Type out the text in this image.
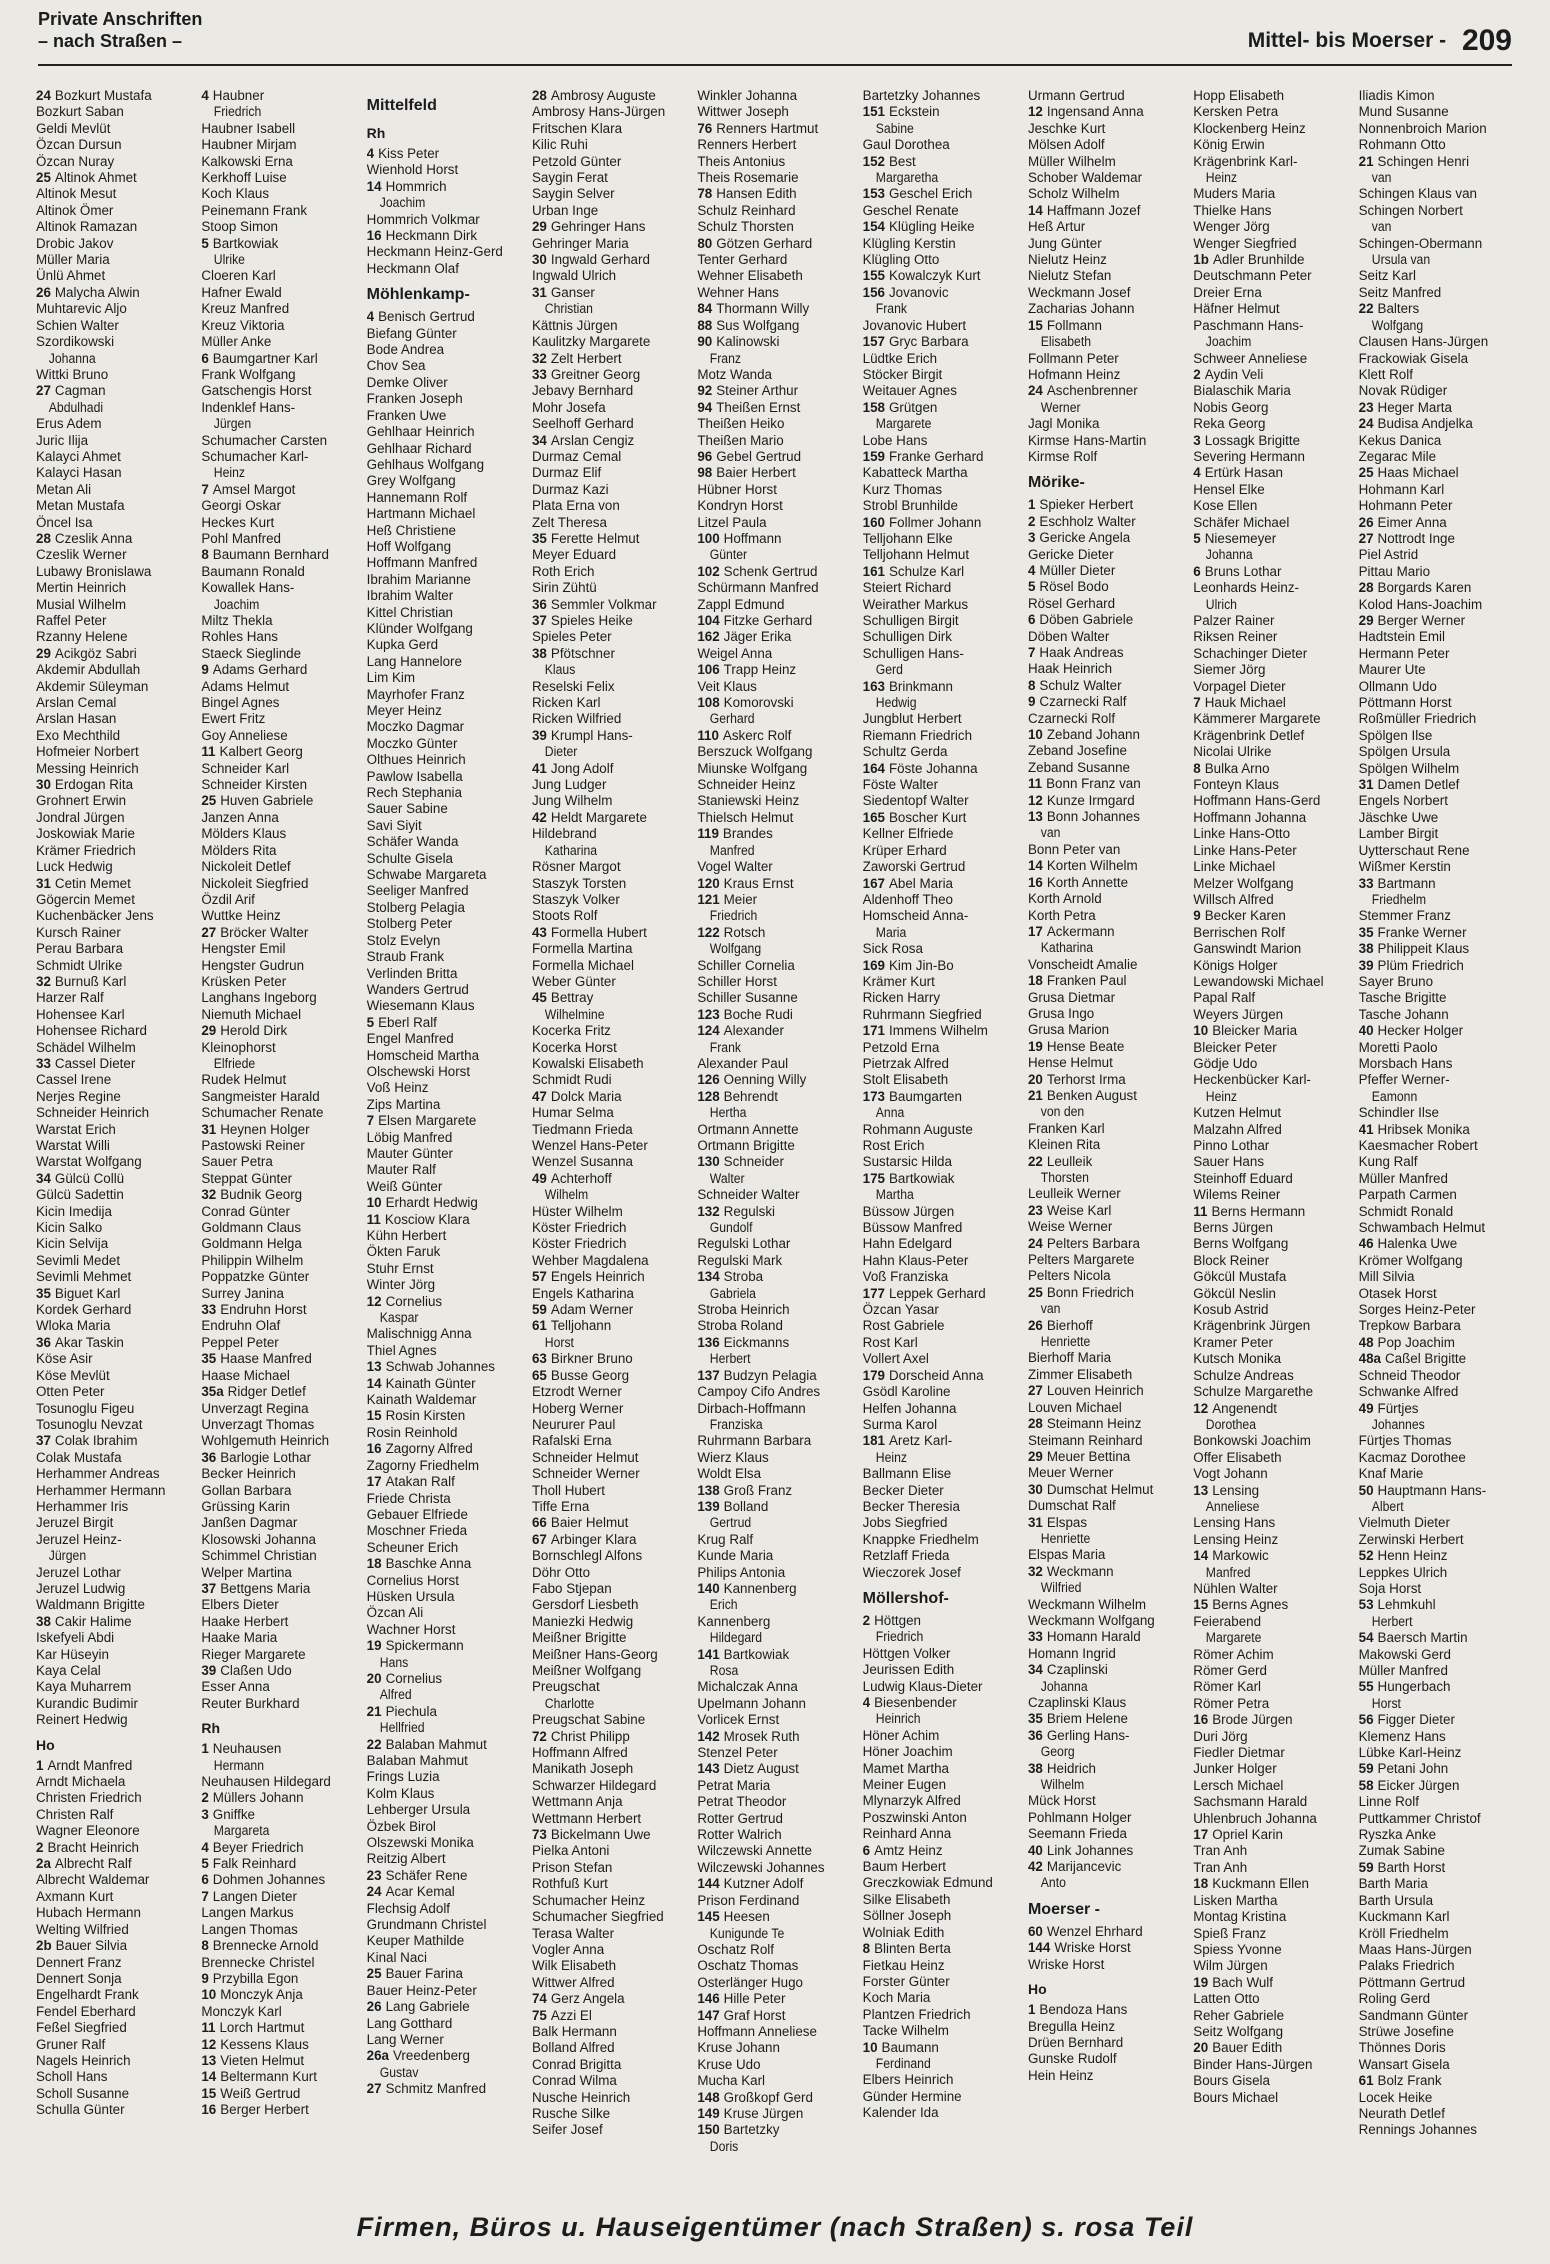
Private Anschriften
– nach Straßen –	Mittel- bis Moerser - 209
24 Bozkurt Mustafa
Bozkurt Saban
Geldi Mevlüt
Özcan Dursun
Özcan Nuray
25 Altinok Ahmet
Altinok Mesut
Altinok Ömer
Altinok Ramazan
Drobic Jakov
Müller Maria
Ünlü Ahmet
26 Malycha Alwin
Muhtarevic Aljo
Schien Walter
Szordikowski
Johanna
Wittki Bruno
27 Cagman
Abdulhadi
Erus Adem
Juric Ilija
Kalayci Ahmet
Kalayci Hasan
Metan Ali
Metan Mustafa
Öncel Isa
28 Czeslik Anna
Czeslik Werner
Lubawy Bronislawa
Mertin Heinrich
Musial Wilhelm
Raffel Peter
Rzanny Helene
29 Acikgöz Sabri
Akdemir Abdullah
Akdemir Süleyman
Arslan Cemal
Arslan Hasan
Exo Mechthild
Hofmeier Norbert
Messing Heinrich
30 Erdogan Rita
Grohnert Erwin
Jondral Jürgen
Joskowiak Marie
Krämer Friedrich
Luck Hedwig
31 Cetin Memet
Gögercin Memet
Kuchenbäcker Jens
Kursch Rainer
Perau Barbara
Schmidt Ulrike
32 Burnuß Karl
Harzer Ralf
Hohensee Karl
Hohensee Richard
Schädel Wilhelm
33 Cassel Dieter
Cassel Irene
Nerjes Regine
Schneider Heinrich
Warstat Erich
Warstat Willi
Warstat Wolfgang
34 Gülcü Collü
Gülcü Sadettin
Kicin Imedija
Kicin Salko
Kicin Selvija
Sevimli Medet
Sevimli Mehmet
35 Biguet Karl
Kordek Gerhard
Wloka Maria
36 Akar Taskin
Köse Asir
Köse Mevlüt
Otten Peter
Tosunoglu Figeu
Tosunoglu Nevzat
37 Colak Ibrahim
Colak Mustafa
Herhammer Andreas
Herhammer Hermann
Herhammer Iris
Jeruzel Birgit
Jeruzel Heinz-
Jürgen
Jeruzel Lothar
Jeruzel Ludwig
Waldmann Brigitte
38 Cakir Halime
Iskefyeli Abdi
Kar Hüseyin
Kaya Celal
Kaya Muharrem
Kurandic Budimir
Reinert Hedwig
Ho
1 Arndt Manfred
Arndt Michaela
Christen Friedrich
Christen Ralf
Wagner Eleonore
2 Bracht Heinrich
2a Albrecht Ralf
Albrecht Waldemar
Axmann Kurt
Hubach Hermann
Welting Wilfried
2b Bauer Silvia
Dennert Franz
Dennert Sonja
Engelhardt Frank
Fendel Eberhard
Feßel Siegfried
Gruner Ralf
Nagels Heinrich
Scholl Hans
Scholl Susanne
Schulla Günter
4 Haubner
Friedrich
Haubner Isabell
Haubner Mirjam
Kalkowski Erna
Kerkhoff Luise
Koch Klaus
Peinemann Frank
Stoop Simon
5 Bartkowiak
Ulrike
Cloeren Karl
Hafner Ewald
Kreuz Manfred
Kreuz Viktoria
Müller Anke
6 Baumgartner Karl
Frank Wolfgang
Gatschengis Horst
Indenklef Hans-
Jürgen
Schumacher Carsten
Schumacher Karl-
Heinz
7 Amsel Margot
Georgi Oskar
Heckes Kurt
Pohl Manfred
8 Baumann Bernhard
Baumann Ronald
Kowallek Hans-
Joachim
Miltz Thekla
Rohles Hans
Staeck Sieglinde
9 Adams Gerhard
Adams Helmut
Bingel Agnes
Ewert Fritz
Goy Anneliese
11 Kalbert Georg
Schneider Karl
Schneider Kirsten
25 Huven Gabriele
Janzen Anna
Mölders Klaus
Mölders Rita
Nickoleit Detlef
Nickoleit Siegfried
Özdil Arif
Wuttke Heinz
27 Bröcker Walter
Hengster Emil
Hengster Gudrun
Krüsken Peter
Langhans Ingeborg
Niemuth Michael
29 Herold Dirk
Kleinophorst
Elfriede
Rudek Helmut
Sangmeister Harald
Schumacher Renate
31 Heynen Holger
Pastowski Reiner
Sauer Petra
Steppat Günter
32 Budnik Georg
Conrad Günter
Goldmann Claus
Goldmann Helga
Philippin Wilhelm
Poppatzke Günter
Surrey Janina
33 Endruhn Horst
Endruhn Olaf
Peppel Peter
35 Haase Manfred
Haase Michael
35a Ridger Detlef
Unverzagt Regina
Unverzagt Thomas
Wohlgemuth Heinrich
36 Barlogie Lothar
Becker Heinrich
Gollan Barbara
Grüssing Karin
Janßen Dagmar
Klosowski Johanna
Schimmel Christian
Welper Martina
37 Bettgens Maria
Elbers Dieter
Haake Herbert
Haake Maria
Rieger Margarete
39 Claßen Udo
Esser Anna
Reuter Burkhard
Rh
1 Neuhausen
Hermann
Neuhausen Hildegard
2 Müllers Johann
3 Gniffke
Margareta
4 Beyer Friedrich
5 Falk Reinhard
6 Dohmen Johannes
7 Langen Dieter
Langen Markus
Langen Thomas
8 Brennecke Arnold
Brennecke Christel
9 Przybilla Egon
10 Monczyk Anja
Monczyk Karl
11 Lorch Hartmut
12 Kessens Klaus
13 Vieten Helmut
14 Beltermann Kurt
15 Weiß Gertrud
16 Berger Herbert
Mittelfeld
Rh
4 Kiss Peter
Wienhold Horst
14 Hommrich
Joachim
Hommrich Volkmar
16 Heckmann Dirk
Heckmann Heinz-Gerd
Heckmann Olaf
Möhlenkamp-
4 Benisch Gertrud
Biefang Günter
Bode Andrea
Chov Sea
Demke Oliver
Franken Joseph
Franken Uwe
Gehlhaar Heinrich
Gehlhaar Richard
Gehlhaus Wolfgang
Grey Wolfgang
Hannemann Rolf
Hartmann Michael
Heß Christiene
Hoff Wolfgang
Hoffmann Manfred
Ibrahim Marianne
Ibrahim Walter
Kittel Christian
Klünder Wolfgang
Kupka Gerd
Lang Hannelore
Lim Kim
Mayrhofer Franz
Meyer Heinz
Moczko Dagmar
Moczko Günter
Olthues Heinrich
Pawlow Isabella
Rech Stephania
Sauer Sabine
Savi Siyit
Schäfer Wanda
Schulte Gisela
Schwabe Margareta
Seeliger Manfred
Stolberg Pelagia
Stolberg Peter
Stolz Evelyn
Straub Frank
Verlinden Britta
Wanders Gertrud
Wiesemann Klaus
5 Eberl Ralf
Engel Manfred
Homscheid Martha
Olschewski Horst
Voß Heinz
Zips Martina
7 Elsen Margarete
Löbig Manfred
Mauter Günter
Mauter Ralf
Weiß Günter
10 Erhardt Hedwig
11 Kosciow Klara
Kühn Herbert
Ökten Faruk
Stuhr Ernst
Winter Jörg
12 Cornelius
Kaspar
Malischnigg Anna
Thiel Agnes
13 Schwab Johannes
14 Kainath Günter
Kainath Waldemar
15 Rosin Kirsten
Rosin Reinhold
16 Zagorny Alfred
Zagorny Friedhelm
17 Atakan Ralf
Friede Christa
Gebauer Elfriede
Moschner Frieda
Scheuner Erich
18 Baschke Anna
Cornelius Horst
Hüsken Ursula
Özcan Ali
Wachner Horst
19 Spickermann
Hans
20 Cornelius
Alfred
21 Piechula
Hellfried
22 Balaban Mahmut
Balaban Mahmut
Frings Luzia
Kolm Klaus
Lehberger Ursula
Özbek Birol
Olszewski Monika
Reitzig Albert
23 Schäfer Rene
24 Acar Kemal
Flechsig Adolf
Grundmann Christel
Keuper Mathilde
Kinal Naci
25 Bauer Farina
Bauer Heinz-Peter
26 Lang Gabriele
Lang Gotthard
Lang Werner
26a Vreedenberg
Gustav
27 Schmitz Manfred
28 Ambrosy Auguste
Ambrosy Hans-Jürgen
Fritschen Klara
Kilic Ruhi
Petzold Günter
Saygin Ferat
Saygin Selver
Urban Inge
29 Gehringer Hans
Gehringer Maria
30 Ingwald Gerhard
Ingwald Ulrich
31 Ganser
Christian
Kättnis Jürgen
Kaulitzky Margarete
32 Zelt Herbert
33 Greitner Georg
Jebavy Bernhard
Mohr Josefa
Seelhoff Gerhard
34 Arslan Cengiz
Durmaz Cemal
Durmaz Elif
Durmaz Kazi
Plata Erna von
Zelt Theresa
35 Ferette Helmut
Meyer Eduard
Roth Erich
Sirin Zühtü
36 Semmler Volkmar
37 Spieles Heike
Spieles Peter
38 Pfötschner
Klaus
Reselski Felix
Ricken Karl
Ricken Wilfried
39 Krumpl Hans-
Dieter
41 Jong Adolf
Jung Ludger
Jung Wilhelm
42 Heldt Margarete
Hildebrand
Katharina
Rösner Margot
Staszyk Torsten
Staszyk Volker
Stoots Rolf
43 Formella Hubert
Formella Martina
Formella Michael
Weber Günter
45 Bettray
Wilhelmine
Kocerka Fritz
Kocerka Horst
Kowalski Elisabeth
Schmidt Rudi
47 Dolck Maria
Humar Selma
Tiedmann Frieda
Wenzel Hans-Peter
Wenzel Susanna
49 Achterhoff
Wilhelm
Hüster Wilhelm
Köster Friedrich
Köster Friedrich
Wehber Magdalena
57 Engels Heinrich
Engels Katharina
59 Adam Werner
61 Telljohann
Horst
63 Birkner Bruno
65 Busse Georg
Etzrodt Werner
Hoberg Werner
Neururer Paul
Rafalski Erna
Schneider Helmut
Schneider Werner
Tholl Hubert
Tiffe Erna
66 Baier Helmut
67 Arbinger Klara
Bornschlegl Alfons
Döhr Otto
Fabo Stjepan
Gersdorf Liesbeth
Maniezki Hedwig
Meißner Brigitte
Meißner Hans-Georg
Meißner Wolfgang
Preugschat
Charlotte
Preugschat Sabine
72 Christ Philipp
Hoffmann Alfred
Manikath Joseph
Schwarzer Hildegard
Wettmann Anja
Wettmann Herbert
73 Bickelmann Uwe
Pielka Antoni
Prison Stefan
Rothfuß Kurt
Schumacher Heinz
Schumacher Siegfried
Terasa Walter
Vogler Anna
Wilk Elisabeth
Wittwer Alfred
74 Gerz Angela
75 Azzi El
Balk Hermann
Bolland Alfred
Conrad Brigitta
Conrad Wilma
Nusche Heinrich
Rusche Silke
Seifer Josef
Winkler Johanna
Wittwer Joseph
76 Renners Hartmut
Renners Herbert
Theis Antonius
Theis Rosemarie
78 Hansen Edith
Schulz Reinhard
Schulz Thorsten
80 Götzen Gerhard
Tenter Gerhard
Wehner Elisabeth
Wehner Hans
84 Thormann Willy
88 Sus Wolfgang
90 Kalinowski
Franz
Motz Wanda
92 Steiner Arthur
94 Theißen Ernst
Theißen Heiko
Theißen Mario
96 Gebel Gertrud
98 Baier Herbert
Hübner Horst
Kondryn Horst
Litzel Paula
100 Hoffmann
Günter
102 Schenk Gertrud
Schürmann Manfred
Zappl Edmund
104 Fitzke Gerhard
162 Jäger Erika
Weigel Anna
106 Trapp Heinz
Veit Klaus
108 Komorovski
Gerhard
110 Askerc Rolf
Berszuck Wolfgang
Miunske Wolfgang
Schneider Heinz
Staniewski Heinz
Thielsch Helmut
119 Brandes
Manfred
Vogel Walter
120 Kraus Ernst
121 Meier
Friedrich
122 Rotsch
Wolfgang
Schiller Cornelia
Schiller Horst
Schiller Susanne
123 Boche Rudi
124 Alexander
Frank
Alexander Paul
126 Oenning Willy
128 Behrendt
Hertha
Ortmann Annette
Ortmann Brigitte
130 Schneider
Walter
Schneider Walter
132 Regulski
Gundolf
Regulski Lothar
Regulski Mark
134 Stroba
Gabriela
Stroba Heinrich
Stroba Roland
136 Eickmanns
Herbert
137 Budzyn Pelagia
Campoy Cifo Andres
Dirbach-Hoffmann
Franziska
Ruhrmann Barbara
Wierz Klaus
Woldt Elsa
138 Groß Franz
139 Bolland
Gertrud
Krug Ralf
Kunde Maria
Philips Antonia
140 Kannenberg
Erich
Kannenberg
Hildegard
141 Bartkowiak
Rosa
Michalczak Anna
Upelmann Johann
Vorlicek Ernst
142 Mrosek Ruth
Stenzel Peter
143 Dietz August
Petrat Maria
Petrat Theodor
Rotter Gertrud
Rotter Walrich
Wilczewski Annette
Wilczewski Johannes
144 Kutzner Adolf
Prison Ferdinand
145 Heesen
Kunigunde Te
Oschatz Rolf
Oschatz Thomas
Osterlänger Hugo
146 Hille Peter
147 Graf Horst
Hoffmann Anneliese
Kruse Johann
Kruse Udo
Mucha Karl
148 Großkopf Gerd
149 Kruse Jürgen
150 Bartetzky
Doris
Bartetzky Johannes
151 Eckstein
Sabine
Gaul Dorothea
152 Best
Margaretha
153 Geschel Erich
Geschel Renate
154 Klügling Heike
Klügling Kerstin
Klügling Otto
155 Kowalczyk Kurt
156 Jovanovic
Frank
Jovanovic Hubert
157 Gryc Barbara
Lüdtke Erich
Stöcker Birgit
Weitauer Agnes
158 Grütgen
Margarete
Lobe Hans
159 Franke Gerhard
Kabatteck Martha
Kurz Thomas
Strobl Brunhilde
160 Follmer Johann
Telljohann Elke
Telljohann Helmut
161 Schulze Karl
Steiert Richard
Weirather Markus
Schulligen Birgit
Schulligen Dirk
Schulligen Hans-
Gerd
163 Brinkmann
Hedwig
Jungblut Herbert
Riemann Friedrich
Schultz Gerda
164 Föste Johanna
Föste Walter
Siedentopf Walter
165 Boscher Kurt
Kellner Elfriede
Krüper Erhard
Zaworski Gertrud
167 Abel Maria
Aldenhoff Theo
Homscheid Anna-
Maria
Sick Rosa
169 Kim Jin-Bo
Krämer Kurt
Ricken Harry
Ruhrmann Siegfried
171 Immens Wilhelm
Petzold Erna
Pietrzak Alfred
Stolt Elisabeth
173 Baumgarten
Anna
Rohmann Auguste
Rost Erich
Sustarsic Hilda
175 Bartkowiak
Martha
Büssow Jürgen
Büssow Manfred
Hahn Edelgard
Hahn Klaus-Peter
Voß Franziska
177 Leppek Gerhard
Özcan Yasar
Rost Gabriele
Rost Karl
Vollert Axel
179 Dorscheid Anna
Gsödl Karoline
Helfen Johanna
Surma Karol
181 Aretz Karl-
Heinz
Ballmann Elise
Becker Dieter
Becker Theresia
Jobs Siegfried
Knappke Friedhelm
Retzlaff Frieda
Wieczorek Josef
Möllershof-
2 Höttgen
Friedrich
Höttgen Volker
Jeurissen Edith
Ludwig Klaus-Dieter
4 Biesenbender
Heinrich
Höner Achim
Höner Joachim
Mamet Martha
Meiner Eugen
Mlynarzyk Alfred
Poszwinski Anton
Reinhard Anna
6 Amtz Heinz
Baum Herbert
Greczkowiak Edmund
Silke Elisabeth
Söllner Joseph
Wolniak Edith
8 Blinten Berta
Fietkau Heinz
Forster Günter
Koch Maria
Plantzen Friedrich
Tacke Wilhelm
10 Baumann
Ferdinand
Elbers Heinrich
Günder Hermine
Kalender Ida
Urmann Gertrud
12 Ingensand Anna
Jeschke Kurt
Mölsen Adolf
Müller Wilhelm
Schober Waldemar
Scholz Wilhelm
14 Haffmann Jozef
Heß Artur
Jung Günter
Nielutz Heinz
Nielutz Stefan
Weckmann Josef
Zacharias Johann
15 Follmann
Elisabeth
Follmann Peter
Hofmann Heinz
24 Aschenbrenner
Werner
Jagl Monika
Kirmse Hans-Martin
Kirmse Rolf
Mörike-
1 Spieker Herbert
2 Eschholz Walter
3 Gericke Angela
Gericke Dieter
4 Müller Dieter
5 Rösel Bodo
Rösel Gerhard
6 Döben Gabriele
Döben Walter
7 Haak Andreas
Haak Heinrich
8 Schulz Walter
9 Czarnecki Ralf
Czarnecki Rolf
10 Zeband Johann
Zeband Josefine
Zeband Susanne
11 Bonn Franz van
12 Kunze Irmgard
13 Bonn Johannes
van
Bonn Peter van
14 Korten Wilhelm
16 Korth Annette
Korth Arnold
Korth Petra
17 Ackermann
Katharina
Vonscheidt Amalie
18 Franken Paul
Grusa Dietmar
Grusa Ingo
Grusa Marion
19 Hense Beate
Hense Helmut
20 Terhorst Irma
21 Benken August
von den
Franken Karl
Kleinen Rita
22 Leulleik
Thorsten
Leulleik Werner
23 Weise Karl
Weise Werner
24 Pelters Barbara
Pelters Margarete
Pelters Nicola
25 Bonn Friedrich
van
26 Bierhoff
Henriette
Bierhoff Maria
Zimmer Elisabeth
27 Louven Heinrich
Louven Michael
28 Steimann Heinz
Steimann Reinhard
29 Meuer Bettina
Meuer Werner
30 Dumschat Helmut
Dumschat Ralf
31 Elspas
Henriette
Elspas Maria
32 Weckmann
Wilfried
Weckmann Wilhelm
Weckmann Wolfgang
33 Homann Harald
Homann Ingrid
34 Czaplinski
Johanna
Czaplinski Klaus
35 Briem Helene
36 Gerling Hans-
Georg
38 Heidrich
Wilhelm
Mück Horst
Pohlmann Holger
Seemann Frieda
40 Link Johannes
42 Marijancevic
Anto
Moerser -
60 Wenzel Ehrhard
144 Wriske Horst
Wriske Horst
Ho
1 Bendoza Hans
Bregulla Heinz
Drüen Bernhard
Gunske Rudolf
Hein Heinz
Hopp Elisabeth
Kersken Petra
Klockenberg Heinz
König Erwin
Krägenbrink Karl-
Heinz
Muders Maria
Thielke Hans
Wenger Jörg
Wenger Siegfried
1b Adler Brunhilde
Deutschmann Peter
Dreier Erna
Häfner Helmut
Paschmann Hans-
Joachim
Schweer Anneliese
2 Aydin Veli
Bialaschik Maria
Nobis Georg
Reka Georg
3 Lossagk Brigitte
Severing Hermann
4 Ertürk Hasan
Hensel Elke
Kose Ellen
Schäfer Michael
5 Niesemeyer
Johanna
6 Bruns Lothar
Leonhards Heinz-
Ulrich
Palzer Rainer
Riksen Reiner
Schachinger Dieter
Siemer Jörg
Vorpagel Dieter
7 Hauk Michael
Kämmerer Margarete
Krägenbrink Detlef
Nicolai Ulrike
8 Bulka Arno
Fonteyn Klaus
Hoffmann Hans-Gerd
Hoffmann Johanna
Linke Hans-Otto
Linke Hans-Peter
Linke Michael
Melzer Wolfgang
Willsch Alfred
9 Becker Karen
Berrischen Rolf
Ganswindt Marion
Königs Holger
Lewandowski Michael
Papal Ralf
Weyers Jürgen
10 Bleicker Maria
Bleicker Peter
Gödje Udo
Heckenbücker Karl-
Heinz
Kutzen Helmut
Malzahn Alfred
Pinno Lothar
Sauer Hans
Steinhoff Eduard
Wilems Reiner
11 Berns Hermann
Berns Jürgen
Berns Wolfgang
Block Reiner
Gökcül Mustafa
Gökcül Neslin
Kosub Astrid
Krägenbrink Jürgen
Kramer Peter
Kutsch Monika
Schulze Andreas
Schulze Margarethe
12 Angenendt
Dorothea
Bonkowski Joachim
Offer Elisabeth
Vogt Johann
13 Lensing
Anneliese
Lensing Hans
Lensing Heinz
14 Markowic
Manfred
Nühlen Walter
15 Berns Agnes
Feierabend
Margarete
Römer Achim
Römer Gerd
Römer Karl
Römer Petra
16 Brode Jürgen
Duri Jörg
Fiedler Dietmar
Junker Holger
Lersch Michael
Sachsmann Harald
Uhlenbruch Johanna
17 Opriel Karin
Tran Anh
Tran Anh
18 Kuckmann Ellen
Lisken Martha
Montag Kristina
Spieß Franz
Spiess Yvonne
Wilm Jürgen
19 Bach Wulf
Latten Otto
Reher Gabriele
Seitz Wolfgang
20 Bauer Edith
Binder Hans-Jürgen
Bours Gisela
Bours Michael
Iliadis Kimon
Mund Susanne
Nonnenbroich Marion
Rohmann Otto
21 Schingen Henri
van
Schingen Klaus van
Schingen Norbert
van
Schingen-Obermann
Ursula van
Seitz Karl
Seitz Manfred
22 Balters
Wolfgang
Clausen Hans-Jürgen
Frackowiak Gisela
Klett Rolf
Novak Rüdiger
23 Heger Marta
24 Budisa Andjelka
Kekus Danica
Zegarac Mile
25 Haas Michael
Hohmann Karl
Hohmann Peter
26 Eimer Anna
27 Nottrodt Inge
Piel Astrid
Pittau Mario
28 Borgards Karen
Kolod Hans-Joachim
29 Berger Werner
Hadtstein Emil
Hermann Peter
Maurer Ute
Ollmann Udo
Pöttmann Horst
Roßmüller Friedrich
Spölgen Ilse
Spölgen Ursula
Spölgen Wilhelm
31 Damen Detlef
Engels Norbert
Jäschke Uwe
Lamber Birgit
Uytterschaut Rene
Wißmer Kerstin
33 Bartmann
Friedhelm
Stemmer Franz
35 Franke Werner
38 Philippeit Klaus
39 Plüm Friedrich
Sayer Bruno
Tasche Brigitte
Tasche Johann
40 Hecker Holger
Moretti Paolo
Morsbach Hans
Pfeffer Werner-
Eamonn
Schindler Ilse
41 Hribsek Monika
Kaesmacher Robert
Kung Ralf
Müller Manfred
Parpath Carmen
Schmidt Ronald
Schwambach Helmut
46 Halenka Uwe
Krömer Wolfgang
Mill Silvia
Otasek Horst
Sorges Heinz-Peter
Trepkow Barbara
48 Pop Joachim
48a Caßel Brigitte
Schneid Theodor
Schwanke Alfred
49 Fürtjes
Johannes
Fürtjes Thomas
Kacmaz Dorothee
Knaf Marie
50 Hauptmann Hans-
Albert
Vielmuth Dieter
Zerwinski Herbert
52 Henn Heinz
Leppkes Ulrich
Soja Horst
53 Lehmkuhl
Herbert
54 Baersch Martin
Makowski Gerd
Müller Manfred
55 Hungerbach
Horst
56 Figger Dieter
Klemenz Hans
Lübke Karl-Heinz
59 Petani John
58 Eicker Jürgen
Linne Rolf
Puttkammer Christof
Ryszka Anke
Zumak Sabine
59 Barth Horst
Barth Maria
Barth Ursula
Kuckmann Karl
Kröll Friedhelm
Maas Hans-Jürgen
Palaks Friedrich
Pöttmann Gertrud
Roling Gerd
Sandmann Günter
Strüwe Josefine
Thönnes Doris
Wansart Gisela
61 Bolz Frank
Locek Heike
Neurath Detlef
Rennings Johannes
Firmen, Büros u. Hauseigentümer (nach Straßen) s. rosa Teil
